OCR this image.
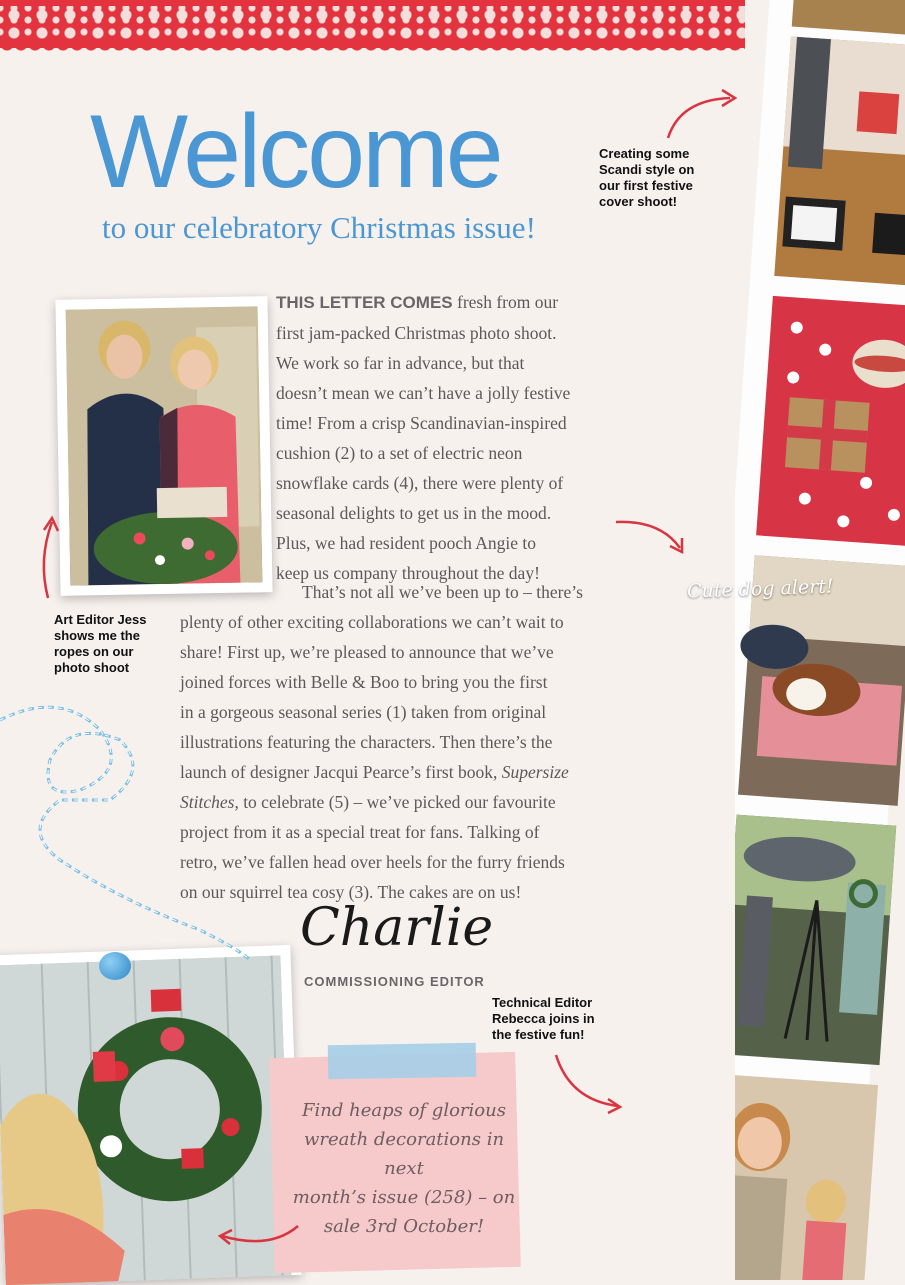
Welcome
to our celebratory Christmas issue!
Creating some
Scandi style on
our first festive
cover shoot!
Art Editor Jess
shows me the
ropes on our
photo shoot
THIS LETTER COMES fresh from our
first jam-packed Christmas photo shoot.
We work so far in advance, but that
doesn’t mean we can’t have a jolly festive
time! From a crisp Scandinavian-inspired
cushion (2) to a set of electric neon
snowflake cards (4), there were plenty of
seasonal delights to get us in the mood.
Plus, we had resident pooch Angie to
keep us company throughout the day!
That’s not all we’ve been up to – there’s
plenty of other exciting collaborations we can’t wait to
share! First up, we’re pleased to announce that we’ve
joined forces with Belle & Boo to bring you the first
in a gorgeous seasonal series (1) taken from original
illustrations featuring the characters. Then there’s the
launch of designer Jacqui Pearce’s first book, Supersize
Stitches, to celebrate (5) – we’ve picked our favourite
project from it as a special treat for fans. Talking of
retro, we’ve fallen head over heels for the furry friends
on our squirrel tea cosy (3). The cakes are on us!
Charlie
COMMISSIONING EDITOR
Technical Editor
Rebecca joins in
the festive fun!
Find heaps of glorious
wreath decorations in next
month’s issue (258) – on
sale 3rd October!
Cute dog alert!
